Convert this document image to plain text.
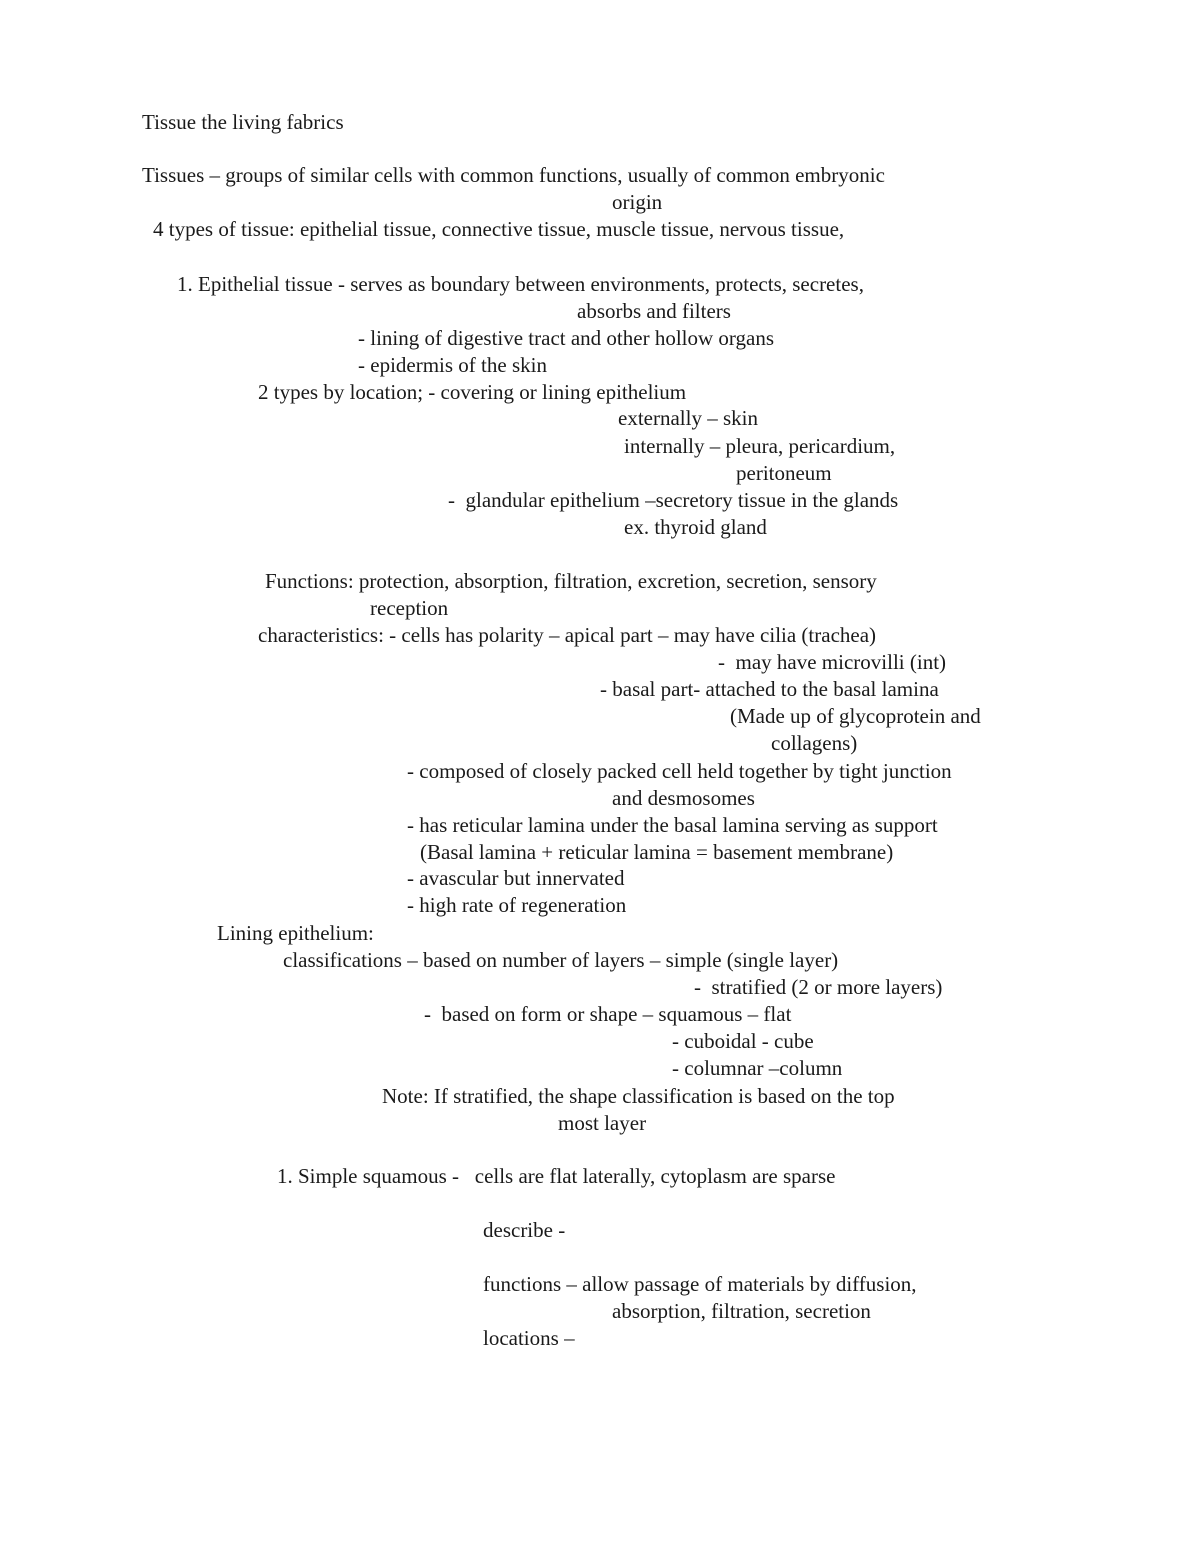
Tissue the living fabrics
Tissues – groups of similar cells with common functions, usually of common embryonic
origin
4 types of tissue: epithelial tissue, connective tissue, muscle tissue, nervous tissue,
1. Epithelial tissue - serves as boundary between environments, protects, secretes,
absorbs and filters
- lining of digestive tract and other hollow organs
- epidermis of the skin
2 types by location; - covering or lining epithelium
externally – skin
internally – pleura, pericardium,
peritoneum
-  glandular epithelium –secretory tissue in the glands
ex. thyroid gland
Functions: protection, absorption, filtration, excretion, secretion, sensory
reception
characteristics: - cells has polarity – apical part – may have cilia (trachea)
-  may have microvilli (int)
- basal part- attached to the basal lamina
(Made up of glycoprotein and
collagens)
- composed of closely packed cell held together by tight junction
and desmosomes
- has reticular lamina under the basal lamina serving as support
(Basal lamina + reticular lamina = basement membrane)
- avascular but innervated
- high rate of regeneration
Lining epithelium:
classifications – based on number of layers – simple (single layer)
-  stratified (2 or more layers)
-  based on form or shape – squamous – flat
- cuboidal - cube
- columnar –column
Note: If stratified, the shape classification is based on the top
most layer
1. Simple squamous -   cells are flat laterally, cytoplasm are sparse
describe -
functions – allow passage of materials by diffusion,
absorption, filtration, secretion
locations –
